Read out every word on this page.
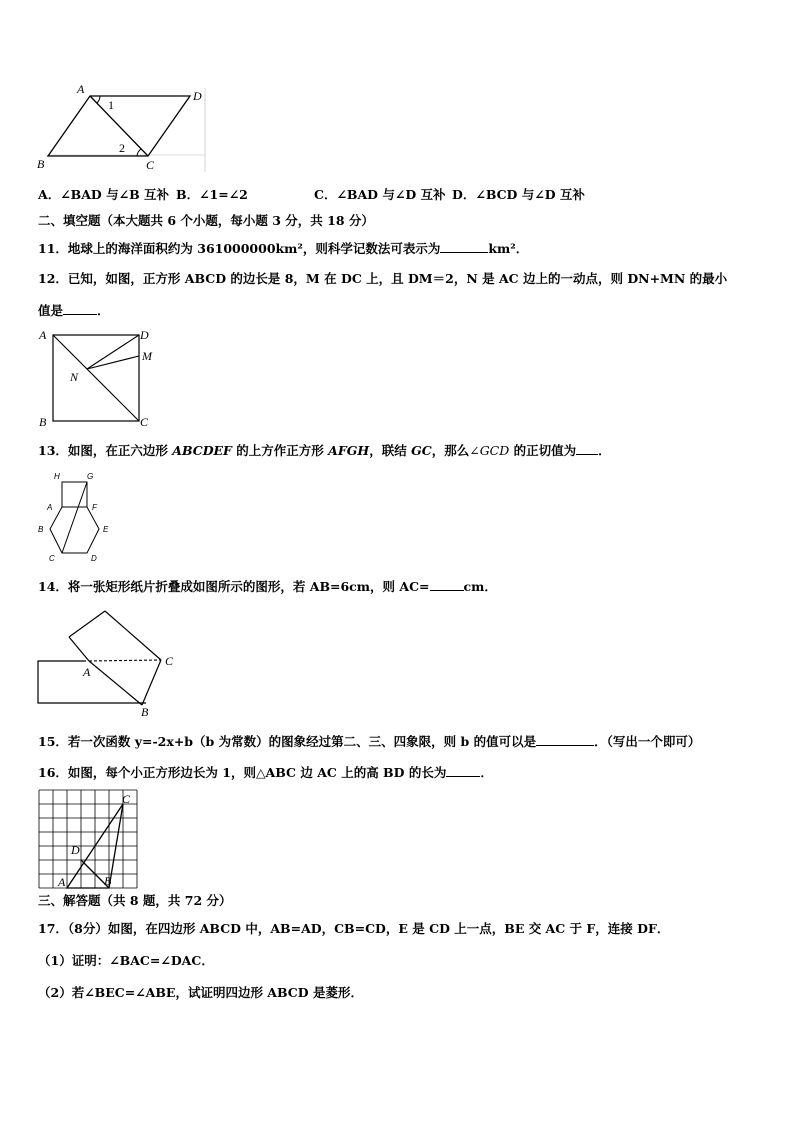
A	D
B	C
1
2
A．∠BAD 与∠B 互补 B．∠1=∠2	C．∠BAD 与∠D 互补 D．∠BCD 与∠D 互补
二、填空题（本大题共 6 个小题，每小题 3 分，共 18 分）
11．地球上的海洋面积约为 361000000km²，则科学记数法可表示为	km²．
12．已知，如图，正方形 ABCD 的边长是 8，M 在 DC 上，且 DM＝2，N 是 AC 边上的一动点，则 DN+MN 的最小
值是	．
A	D
M
N
B	C
13．如图，在正六边形 ABCDEF 的上方作正方形 AFGH，联结 GC，那么∠GCD 的正切值为 ．
H	G
A	F
B	E
C	D
14．将一张矩形纸片折叠成如图所示的图形，若 AB=6cm，则 AC=	cm．
A
C
B
15．若一次函数 y=-2x+b（b 为常数）的图象经过第二、三、四象限，则 b 的值可以是	．（写出一个即可）
16．如图，每个小正方形边长为 1，则△ABC 边 AC 上的高 BD 的长为	．
C
D
A	B
三、解答题（共 8 题，共 72 分）
17．（8分）如图，在四边形 ABCD 中，AB=AD，CB=CD，E 是 CD 上一点，BE 交 AC 于 F，连接 DF．
（1）证明：∠BAC=∠DAC．
（2）若∠BEC=∠ABE，试证明四边形 ABCD 是菱形．
